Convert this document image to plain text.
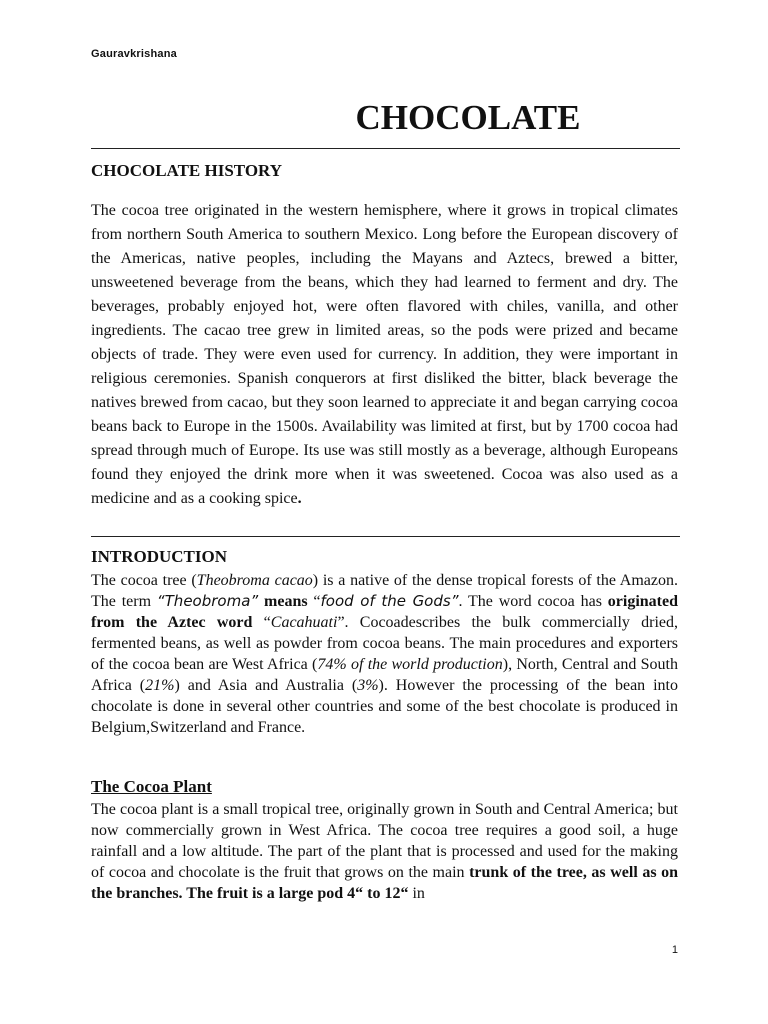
Gauravkrishana
CHOCOLATE
CHOCOLATE HISTORY

The cocoa tree originated in the western hemisphere, where it grows in tropical climates from northern South America to southern Mexico. Long before the European discovery of the Americas, native peoples, including the Mayans and Aztecs, brewed a bitter, unsweetened beverage from the beans, which they had learned to ferment and dry. The beverages, probably enjoyed hot, were often flavored with chiles, vanilla, and other ingredients. The cacao tree grew in limited areas, so the pods were prized and became objects of trade. They were even used for currency. In addition, they were important in religious ceremonies. Spanish conquerors at first disliked the bitter, black beverage the natives brewed from cacao, but they soon learned to appreciate it and began carrying cocoa beans back to Europe in the 1500s. Availability was limited at first, but by 1700 cocoa had spread through much of Europe. Its use was still mostly as a beverage, although Europeans found they enjoyed the drink more when it was sweetened. Cocoa was also used as a medicine and as a cooking spice.

INTRODUCTION

The cocoa tree (Theobroma cacao) is a native of the dense tropical forests of the Amazon. The term “Theobroma” means “food of the Gods”. The word cocoa has originated from the Aztec word “Cacahuati”. Cocoadescribes the bulk commercially dried, fermented beans, as well as powder from cocoa beans. The main procedures and exporters of the cocoa bean are West Africa (74% of the world production), North, Central and South Africa (21%) and Asia and Australia (3%). However the processing of the bean into chocolate is done in several other countries and some of the best chocolate is produced in Belgium,Switzerland and France.

The Cocoa Plant

The cocoa plant is a small tropical tree, originally grown in South and Central America; but now commercially grown in West Africa. The cocoa tree requires a good soil, a huge rainfall and a low altitude. The part of the plant that is processed and used for the making of cocoa and chocolate is the fruit that grows on the main trunk of the tree, as well as on the branches. The fruit is a large pod 4“ to 12“ in

1
